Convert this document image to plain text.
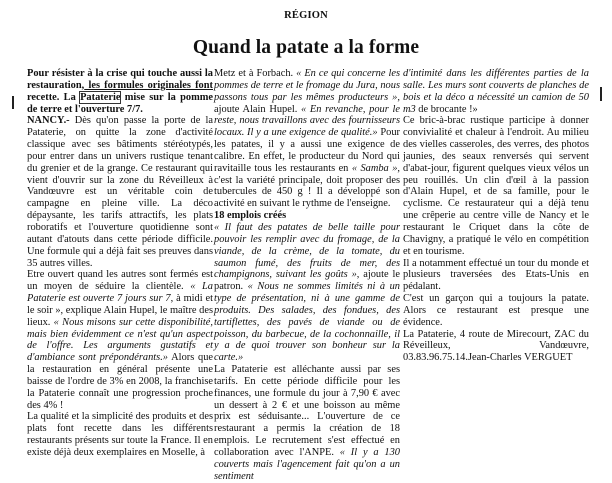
RÉGION

Quand la patate a la forme

Pour résister à la crise qui touche aussi la restauration, les formules originales font recette. La Pataterie mise sur la pomme de terre et l'ouverture 7/7.

NANCY.- Dès qu'on passe la porte de la Pataterie, on quitte la zone d'activité classique avec ses bâtiments stéréotypés, pour entrer dans un univers rustique tenant du grenier et de la grange. Ce restaurant qui vient d'ouvrir sur la zone du Réveilleux à Vandœuvre est un véritable coin de campagne en pleine ville. La déco dépaysante, les tarifs attractifs, les plats roboratifs et l'ouverture quotidienne sont autant d'atouts dans cette période difficile. Une formule qui a déjà fait ses preuves dans 35 autres villes.

Etre ouvert quand les autres sont fermés est un moyen de séduire la clientèle. « La Pataterie est ouverte 7 jours sur 7, à midi et le soir », explique Alain Hupel, le maître des lieux. « Nous misons sur cette disponibilité, mais bien évidemment ce n'est qu'un aspect de l'offre. Les arguments gustatifs et d'ambiance sont prépondérants.» Alors que la restauration en général présente une baisse de l'ordre de 3% en 2008, la franchise la Pataterie connaît une progression proche des 4% !

La qualité et la simplicité des produits et des plats font recette dans les différents restaurants présents sur toute la France. Il en existe déjà deux exemplaires en Moselle, à

Metz et à Forbach. « En ce qui concerne les pommes de terre et le fromage du Jura, nous passons tous par les mêmes producteurs », ajoute Alain Hupel. « En revanche, pour le reste, nous travaillons avec des fournisseurs locaux. Il y a une exigence de qualité.» Pour les patates, il y a aussi une exigence de calibre. En effet, le producteur du Nord qui ravitaille tous les restaurants en « Samba », c'est la variété principale, doit proposer des tubercules de 450 g ! Il a développé son activité en suivant le rythme de l'enseigne.

18 emplois créés

« Il faut des patates de belle taille pour pouvoir les remplir avec du fromage, de la viande, de la crème, de la tomate, du saumon fumé, des fruits de mer, des champignons, suivant les goûts », ajoute le patron. « Nous ne sommes limités ni à un type de présentation, ni à une gamme de produits. Des salades, des fondues, des tartiflettes, des pavés de viande ou de poisson, du barbecue, de la cochonnaille, il y a de quoi trouver son bonheur sur la carte.»

La Pataterie est alléchante aussi par ses tarifs. En cette période difficile pour les finances, une formule du jour à 7,90 € avec un dessert à 2 € et une boisson au même prix est séduisante... L'ouverture de ce restaurant a permis la création de 18 emplois. Le recrutement s'est effectué en collaboration avec l'ANPE. « Il y a 130 couverts mais l'agencement fait qu'on a un sentiment

d'intimité dans les différentes parties de la salle. Les murs sont couverts de planches de bois et la déco a nécessité un camion de 50 m3 de brocante !»

Ce bric-à-brac rustique participe à donner convivialité et chaleur à l'endroit. Au milieu des vielles casseroles, des verres, des photos jaunies, des seaux renversés qui servent d'abat-jour, figurent quelques vieux vélos un peu rouillés. Un clin d'œil à la passion d'Alain Hupel, et de sa famille, pour le cyclisme. Ce restaurateur qui a déjà tenu une crêperie au centre ville de Nancy et le restaurant le Criquet dans la côte de Chavigny, a pratiqué le vélo en compétition et en tourisme.

Il a notamment effectué un tour du monde et plusieurs traversées des Etats-Unis en pédalant.

C'est un garçon qui a toujours la patate. Alors ce restaurant est presque une évidence.

La Pataterie, 4 route de Mirecourt, ZAC du Réveilleux, Vandœuvre, 03.83.96.75.14.Jean-Charles VERGUET
